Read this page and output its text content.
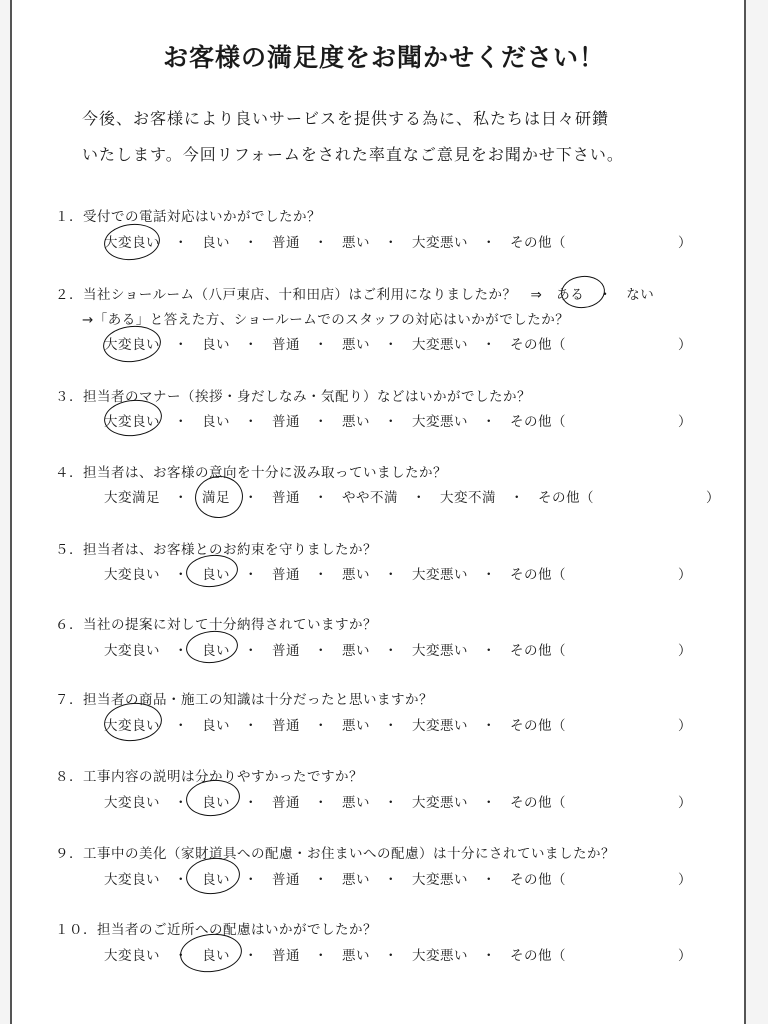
お客様の満足度をお聞かせください！
今後、お客様により良いサービスを提供する為に、私たちは日々研鑽
いたします。今回リフォームをされた率直なご意見をお聞かせ下さい。
１．受付での電話対応はいかがでしたか？
大変良い　・　良い　・　普通　・　悪い　・　大変悪い　・　その他（　　　　　　　　）
２．当社ショールーム（八戸東店、十和田店）はご利用になりましたか？　⇒　ある　・　ない
→「ある」と答えた方、ショールームでのスタッフの対応はいかがでしたか？
大変良い　・　良い　・　普通　・　悪い　・　大変悪い　・　その他（　　　　　　　　）
３．担当者のマナー（挨拶・身だしなみ・気配り）などはいかがでしたか？
大変良い　・　良い　・　普通　・　悪い　・　大変悪い　・　その他（　　　　　　　　）
４．担当者は、お客様の意向を十分に汲み取っていましたか？
大変満足　・　満足　・　普通　・　やや不満　・　大変不満　・　その他（　　　　　　　　）
５．担当者は、お客様とのお約束を守りましたか？
大変良い　・　良い　・　普通　・　悪い　・　大変悪い　・　その他（　　　　　　　　）
６．当社の提案に対して十分納得されていますか？
大変良い　・　良い　・　普通　・　悪い　・　大変悪い　・　その他（　　　　　　　　）
７．担当者の商品・施工の知識は十分だったと思いますか？
大変良い　・　良い　・　普通　・　悪い　・　大変悪い　・　その他（　　　　　　　　）
８．工事内容の説明は分かりやすかったですか？
大変良い　・　良い　・　普通　・　悪い　・　大変悪い　・　その他（　　　　　　　　）
９．工事中の美化（家財道具への配慮・お住まいへの配慮）は十分にされていましたか？
大変良い　・　良い　・　普通　・　悪い　・　大変悪い　・　その他（　　　　　　　　）
１０．担当者のご近所への配慮はいかがでしたか？
大変良い　・　良い　・　普通　・　悪い　・　大変悪い　・　その他（　　　　　　　　）
